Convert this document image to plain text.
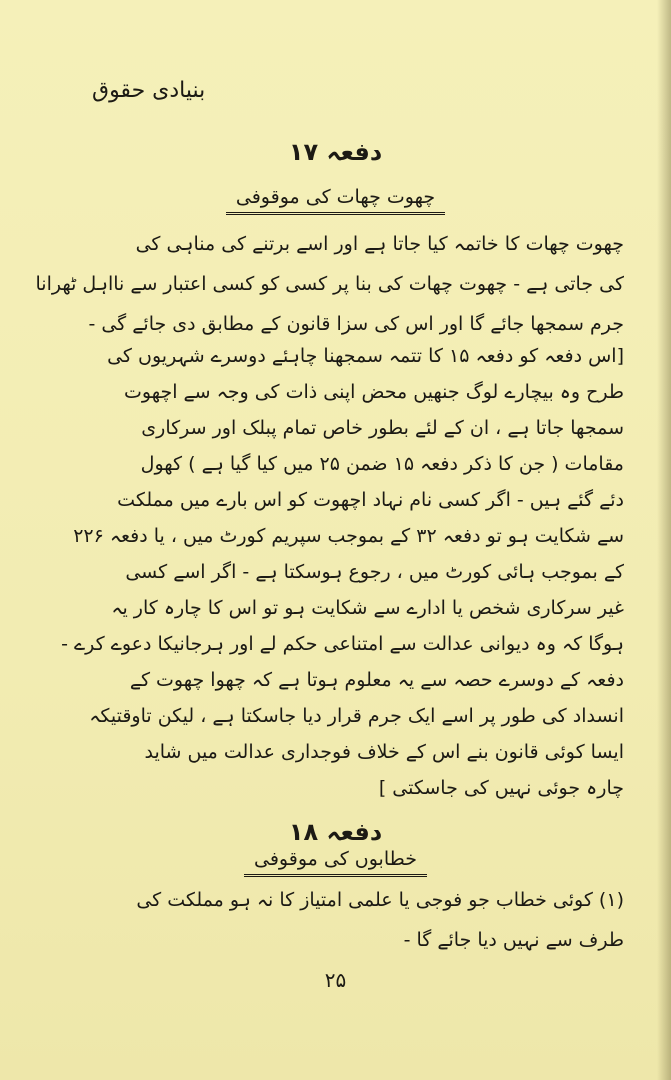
بنیادی حقوق
دفعہ ۱۷
چھوت چھات کی موقوفی
چھوت چھات کا خاتمہ کیا جاتا ہے اور اسے برتنے کی مناہی کی
کی جاتی ہے - چھوت چھات کی بنا پر کسی کو کسی اعتبار سے نااہل ٹھرانا
جرم سمجھا جائے گا اور اس کی سزا قانون کے مطابق دی جائے گی -
[اس دفعہ کو دفعہ ۱۵ کا تتمہ سمجھنا چاہئے دوسرے شہریوں کی
طرح وہ بیچارے لوگ جنھیں محض اپنی ذات کی وجہ سے اچھوت
سمجھا جاتا ہے ، ان کے لئے بطور خاص تمام پبلک اور سرکاری
مقامات ( جن کا ذکر دفعہ ۱۵ ضمن ۲۵ میں کیا گیا ہے ) کھول
دئے گئے ہیں - اگر کسی نام نہاد اچھوت کو اس بارے میں مملکت
سے شکایت ہو تو دفعہ ۳۲ کے بموجب سپریم کورٹ میں ، یا دفعہ ۲۲۶
کے بموجب ہائی کورٹ میں ، رجوع ہوسکتا ہے - اگر اسے کسی
غیر سرکاری شخص یا ادارے سے شکایت ہو تو اس کا چارہ کار یہ
ہوگا کہ وہ دیوانی عدالت سے امتناعی حکم لے اور ہرجانیکا دعوے کرے -
دفعہ کے دوسرے حصہ سے یہ معلوم ہوتا ہے کہ چھوا چھوت کے
انسداد کی طور پر اسے ایک جرم قرار دیا جاسکتا ہے ، لیکن تاوقتیکہ
ایسا کوئی قانون بنے اس کے خلاف فوجداری عدالت میں شاید
چارہ جوئی نہیں کی جاسکتی ]
دفعہ ۱۸
خطابوں کی موقوفی
(۱) کوئی خطاب جو فوجی یا علمی امتیاز کا نہ ہو مملکت کی
طرف سے نہیں دیا جائے گا -
۲۵
